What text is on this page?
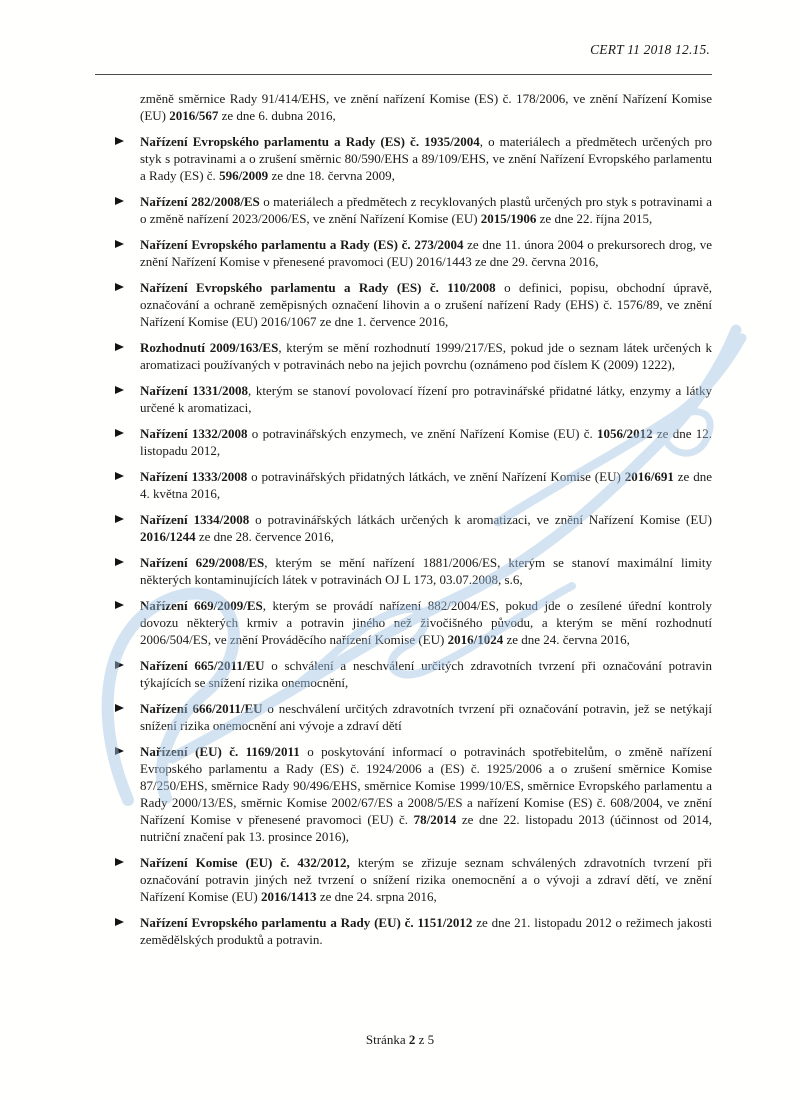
CERT 11 2018 12.15.

změně směrnice Rady 91/414/EHS, ve znění nařízení Komise (ES) č. 178/2006, ve znění Nařízení Komise (EU) 2016/567 ze dne 6. dubna 2016,

Nařízení Evropského parlamentu a Rady (ES) č. 1935/2004, o materiálech a předmětech určených pro styk s potravinami a o zrušení směrnic 80/590/EHS a 89/109/EHS, ve znění Nařízení Evropského parlamentu a Rady (ES) č. 596/2009 ze dne 18. června 2009,

Nařízení 282/2008/ES o materiálech a předmětech z recyklovaných plastů určených pro styk s potravinami a o změně nařízení 2023/2006/ES, ve znění Nařízení Komise (EU) 2015/1906 ze dne 22. října 2015,

Nařízení Evropského parlamentu a Rady (ES) č. 273/2004 ze dne 11. února 2004 o prekursorech drog, ve znění Nařízení Komise v přenesené pravomoci (EU) 2016/1443 ze dne 29. června 2016,

Nařízení Evropského parlamentu a Rady (ES) č. 110/2008 o definici, popisu, obchodní úpravě, označování a ochraně zeměpisných označení lihovin a o zrušení nařízení Rady (EHS) č. 1576/89, ve znění Nařízení Komise (EU) 2016/1067 ze dne 1. července 2016,

Rozhodnutí 2009/163/ES, kterým se mění rozhodnutí 1999/217/ES, pokud jde o seznam látek určených k aromatizaci používaných v potravinách nebo na jejich povrchu (oznámeno pod číslem K (2009) 1222),

Nařízení 1331/2008, kterým se stanoví povolovací řízení pro potravinářské přidatné látky, enzymy a látky určené k aromatizaci,

Nařízení 1332/2008 o potravinářských enzymech, ve znění Nařízení Komise (EU) č. 1056/2012 ze dne 12. listopadu 2012,

Nařízení 1333/2008 o potravinářských přidatných látkách, ve znění Nařízení Komise (EU) 2016/691 ze dne 4. května 2016,

Nařízení 1334/2008 o potravinářských látkách určených k aromatizaci, ve znění Nařízení Komise (EU) 2016/1244 ze dne 28. července 2016,

Nařízení 629/2008/ES, kterým se mění nařízení 1881/2006/ES, kterým se stanoví maximální limity některých kontaminujících látek v potravinách OJ L 173, 03.07.2008, s.6,

Nařízení 669/2009/ES, kterým se provádí nařízení 882/2004/ES, pokud jde o zesílené úřední kontroly dovozu některých krmiv a potravin jiného než živočišného původu, a kterým se mění rozhodnutí 2006/504/ES, ve znění Prováděcího nařízení Komise (EU) 2016/1024 ze dne 24. června 2016,

Nařízení 665/2011/EU o schválení a neschválení určitých zdravotních tvrzení při označování potravin týkajících se snížení rizika onemocnění,

Nařízení 666/2011/EU o neschválení určitých zdravotních tvrzení při označování potravin, jež se netýkají snížení rizika onemocnění ani vývoje a zdraví dětí

Nařízení (EU) č. 1169/2011 o poskytování informací o potravinách spotřebitelům, o změně nařízení Evropského parlamentu a Rady (ES) č. 1924/2006 a (ES) č. 1925/2006 a o zrušení směrnice Komise 87/250/EHS, směrnice Rady 90/496/EHS, směrnice Komise 1999/10/ES, směrnice Evropského parlamentu a Rady 2000/13/ES, směrnic Komise 2002/67/ES a 2008/5/ES a nařízení Komise (ES) č. 608/2004, ve znění Nařízení Komise v přenesené pravomoci (EU) č. 78/2014 ze dne 22. listopadu 2013 (účinnost od 2014, nutriční značení pak 13. prosince 2016),

Nařízení Komise (EU) č. 432/2012, kterým se zřizuje seznam schválených zdravotních tvrzení při označování potravin jiných než tvrzení o snížení rizika onemocnění a o vývoji a zdraví dětí, ve znění Nařízení Komise (EU) 2016/1413 ze dne 24. srpna 2016,

Nařízení Evropského parlamentu a Rady (EU) č. 1151/2012 ze dne 21. listopadu 2012 o režimech jakosti zemědělských produktů a potravin.

Stránka 2 z 5
